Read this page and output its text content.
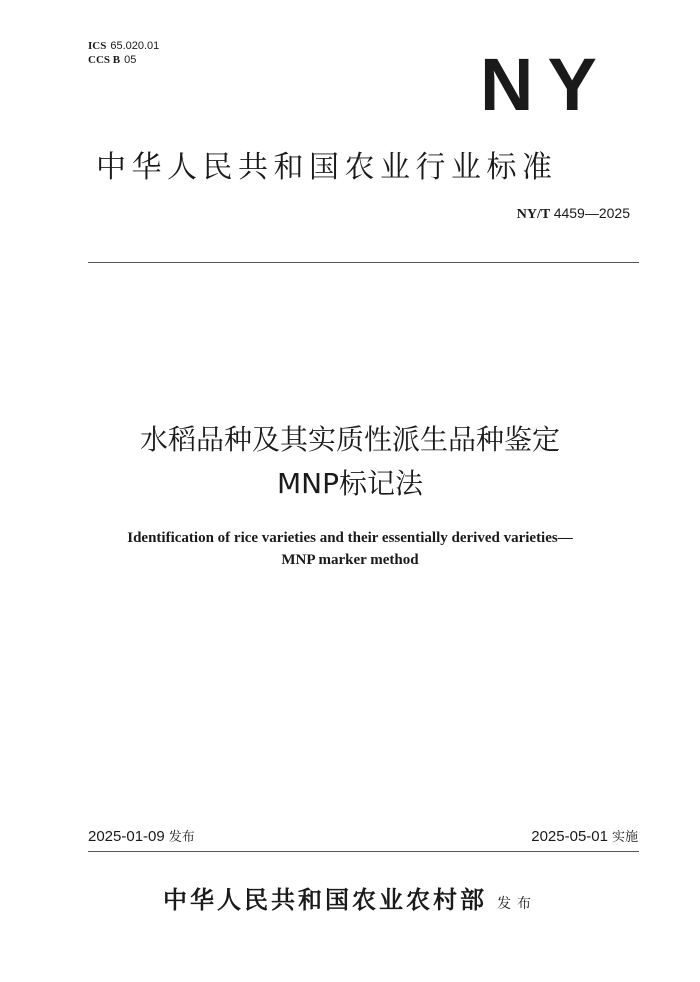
ICS 65.020.01
CCS B 05	NY
中华人民共和国农业行业标准
NY/T 4459—2025
水稻品种及其实质性派生品种鉴定
MNP标记法
Identification of rice varieties and their essentially derived varieties—
MNP marker method
2025-01-09 发布	2025-05-01 实施
中华人民共和国农业农村部 发布
